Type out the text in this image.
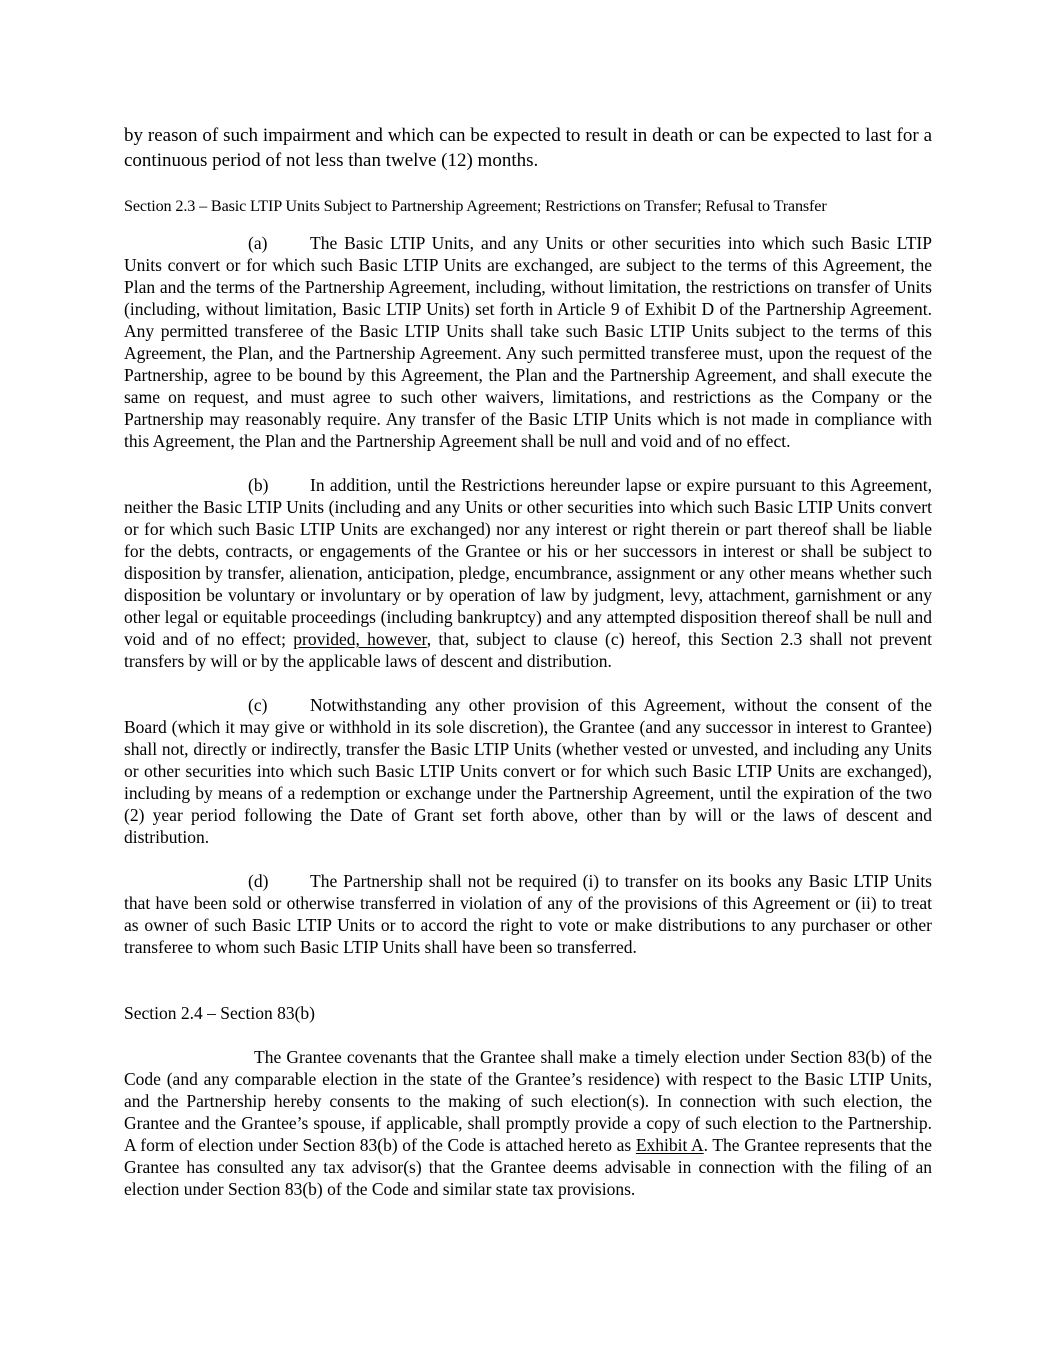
by reason of such impairment and which can be expected to result in death or can be expected to last for a continuous period of not less than twelve (12) months.

Section 2.3 – Basic LTIP Units Subject to Partnership Agreement; Restrictions on Transfer; Refusal to Transfer

(a) The Basic LTIP Units, and any Units or other securities into which such Basic LTIP Units convert or for which such Basic LTIP Units are exchanged, are subject to the terms of this Agreement, the Plan and the terms of the Partnership Agreement, including, without limitation, the restrictions on transfer of Units (including, without limitation, Basic LTIP Units) set forth in Article 9 of Exhibit D of the Partnership Agreement. Any permitted transferee of the Basic LTIP Units shall take such Basic LTIP Units subject to the terms of this Agreement, the Plan, and the Partnership Agreement. Any such permitted transferee must, upon the request of the Partnership, agree to be bound by this Agreement, the Plan and the Partnership Agreement, and shall execute the same on request, and must agree to such other waivers, limitations, and restrictions as the Company or the Partnership may reasonably require. Any transfer of the Basic LTIP Units which is not made in compliance with this Agreement, the Plan and the Partnership Agreement shall be null and void and of no effect.

(b) In addition, until the Restrictions hereunder lapse or expire pursuant to this Agreement, neither the Basic LTIP Units (including and any Units or other securities into which such Basic LTIP Units convert or for which such Basic LTIP Units are exchanged) nor any interest or right therein or part thereof shall be liable for the debts, contracts, or engagements of the Grantee or his or her successors in interest or shall be subject to disposition by transfer, alienation, anticipation, pledge, encumbrance, assignment or any other means whether such disposition be voluntary or involuntary or by operation of law by judgment, levy, attachment, garnishment or any other legal or equitable proceedings (including bankruptcy) and any attempted disposition thereof shall be null and void and of no effect; provided, however, that, subject to clause (c) hereof, this Section 2.3 shall not prevent transfers by will or by the applicable laws of descent and distribution.

(c) Notwithstanding any other provision of this Agreement, without the consent of the Board (which it may give or withhold in its sole discretion), the Grantee (and any successor in interest to Grantee) shall not, directly or indirectly, transfer the Basic LTIP Units (whether vested or unvested, and including any Units or other securities into which such Basic LTIP Units convert or for which such Basic LTIP Units are exchanged), including by means of a redemption or exchange under the Partnership Agreement, until the expiration of the two (2) year period following the Date of Grant set forth above, other than by will or the laws of descent and distribution.

(d) The Partnership shall not be required (i) to transfer on its books any Basic LTIP Units that have been sold or otherwise transferred in violation of any of the provisions of this Agreement or (ii) to treat as owner of such Basic LTIP Units or to accord the right to vote or make distributions to any purchaser or other transferee to whom such Basic LTIP Units shall have been so transferred.

Section 2.4 – Section 83(b)

The Grantee covenants that the Grantee shall make a timely election under Section 83(b) of the Code (and any comparable election in the state of the Grantee’s residence) with respect to the Basic LTIP Units, and the Partnership hereby consents to the making of such election(s). In connection with such election, the Grantee and the Grantee’s spouse, if applicable, shall promptly provide a copy of such election to the Partnership. A form of election under Section 83(b) of the Code is attached hereto as Exhibit A. The Grantee represents that the Grantee has consulted any tax advisor(s) that the Grantee deems advisable in connection with the filing of an election under Section 83(b) of the Code and similar state tax provisions.
